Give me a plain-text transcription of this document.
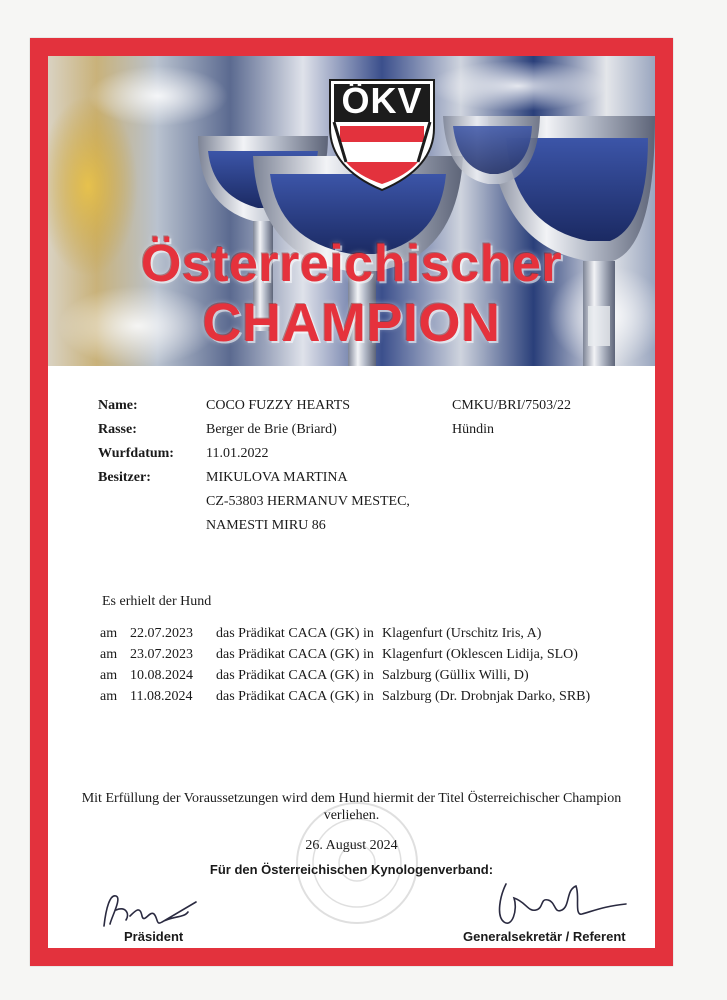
ÖKV
Österreichischer
CHAMPION
Name:	COCO FUZZY HEARTS	CMKU/BRI/7503/22
Rasse:	Berger de Brie (Briard)	Hündin
Wurfdatum: 11.01.2022
Besitzer:	MIKULOVA MARTINA
CZ-53803 HERMANUV MESTEC,
NAMESTI MIRU 86
Es erhielt der Hund
am 22.07.2023 das Prädikat CACA (GK) in Klagenfurt (Urschitz Iris, A)
am 23.07.2023 das Prädikat CACA (GK) in Klagenfurt (Oklescen Lidija, SLO)
am 10.08.2024 das Prädikat CACA (GK) in Salzburg (Güllix Willi, D)
am 11.08.2024 das Prädikat CACA (GK) in Salzburg (Dr. Drobnjak Darko, SRB)
Mit Erfüllung der Voraussetzungen wird dem Hund hiermit der Titel Österreichischer Champion
verliehen.
26. August 2024
Für den Österreichischen Kynologenverband:
Präsident	Generalsekretär / Referent
